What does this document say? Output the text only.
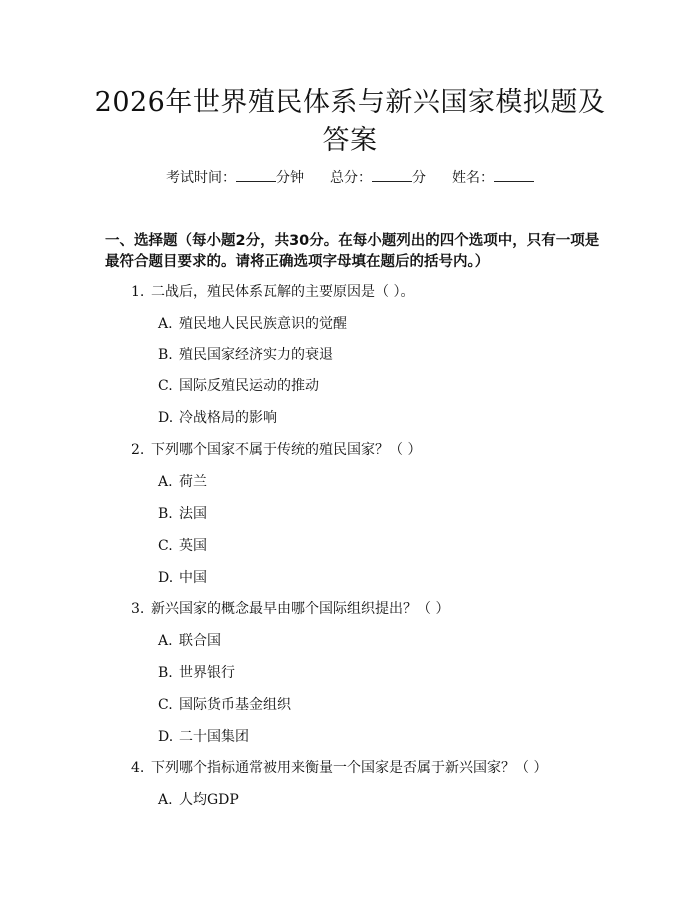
2026年世界殖民体系与新兴国家模拟题及答案
考试时间：	分钟 总分：	分 姓名：
一、选择题（每小题2分，共30分。在每小题列出的四个选项中，只有一项是最符合题目要求的。请将正确选项字母填在题后的括号内。）
1. 二战后，殖民体系瓦解的主要原因是（ ）。
A. 殖民地人民民族意识的觉醒
B. 殖民国家经济实力的衰退
C. 国际反殖民运动的推动
D. 冷战格局的影响
2. 下列哪个国家不属于传统的殖民国家？（ ）
A. 荷兰
B. 法国
C. 英国
D. 中国
3. 新兴国家的概念最早由哪个国际组织提出？（ ）
A. 联合国
B. 世界银行
C. 国际货币基金组织
D. 二十国集团
4. 下列哪个指标通常被用来衡量一个国家是否属于新兴国家？（ ）
A. 人均GDP
